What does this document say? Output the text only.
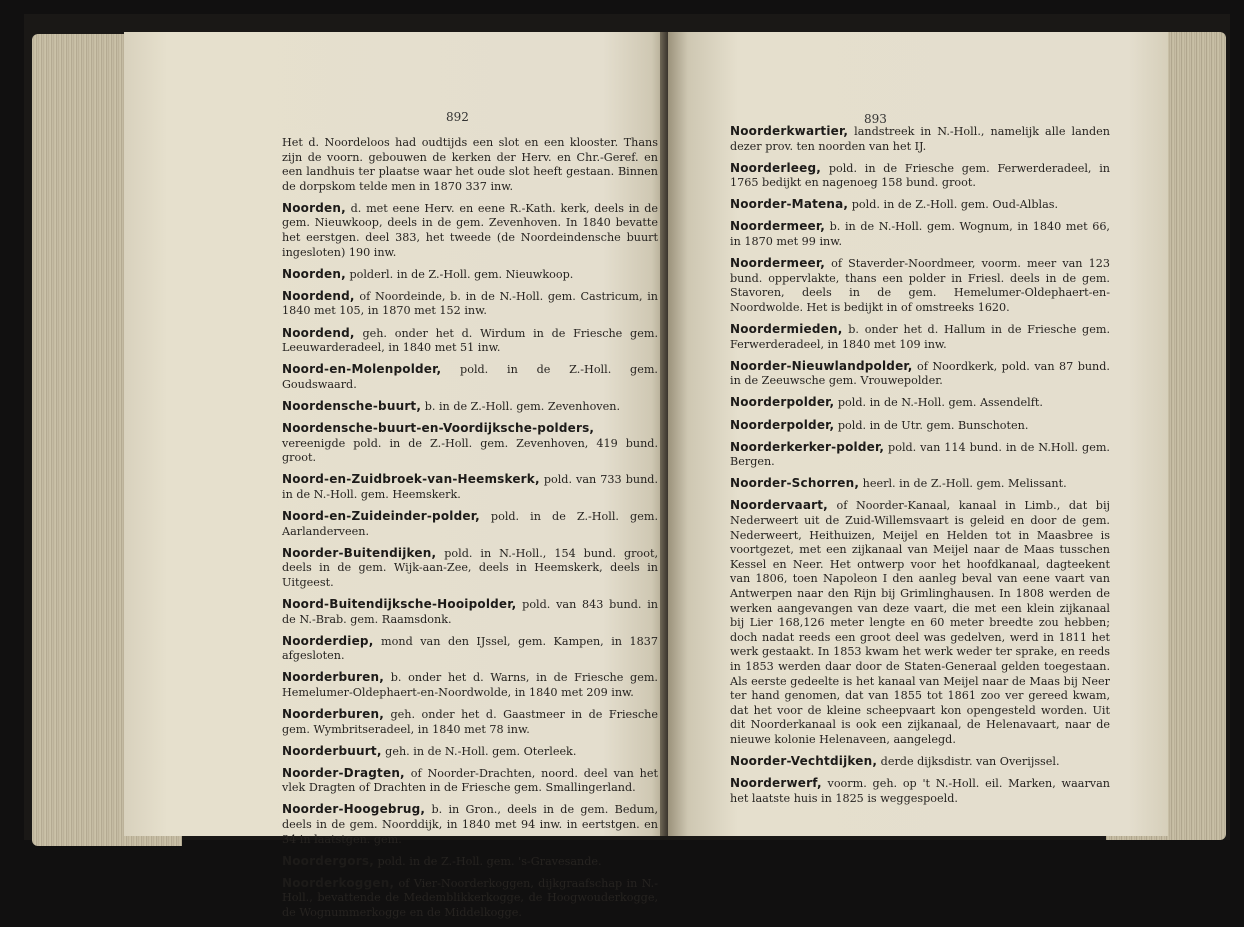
892

Het d. Noordeloos had oudtijds een slot en een klooster. Thans zijn de voorn. gebouwen de kerken der Herv. en Chr.-Geref. en een landhuis ter plaatse waar het oude slot heeft gestaan. Binnen de dorpskom telde men in 1870 337 inw.

Noorden, d. met eene Herv. en eene R.-Kath. kerk, deels in de gem. Nieuwkoop, deels in de gem. Zevenhoven. In 1840 bevatte het eerstgen. deel 383, het tweede (de Noordeindensche buurt ingesloten) 190 inw.

Noorden, polderl. in de Z.-Holl. gem. Nieuwkoop.

Noordend, of Noordeinde, b. in de N.-Holl. gem. Castricum, in 1840 met 105, in 1870 met 152 inw.

Noordend, geh. onder het d. Wirdum in de Friesche gem. Leeuwarderadeel, in 1840 met 51 inw.

Noord-en-Molenpolder, pold. in de Z.-Holl. gem. Goudswaard.

Noordensche-buurt, b. in de Z.-Holl. gem. Zevenhoven.

Noordensche-buurt-en-Voordijksche-polders, vereenigde pold. in de Z.-Holl. gem. Zevenhoven, 419 bund. groot.

Noord-en-Zuidbroek-van-Heemskerk, pold. van 733 bund. in de N.-Holl. gem. Heemskerk.

Noord-en-Zuideinder-polder, pold. in de Z.-Holl. gem. Aarlanderveen.

Noorder-Buitendijken, pold. in N.-Holl., 154 bund. groot, deels in de gem. Wijk-aan-Zee, deels in Heemskerk, deels in Uitgeest.

Noord-Buitendijksche-Hooipolder, pold. van 843 bund. in de N.-Brab. gem. Raamsdonk.

Noorderdiep, mond van den IJssel, gem. Kampen, in 1837 afgesloten.

Noorderburen, b. onder het d. Warns, in de Friesche gem. Hemelumer-Oldephaert-en-Noordwolde, in 1840 met 209 inw.

Noorderburen, geh. onder het d. Gaastmeer in de Friesche gem. Wymbritseradeel, in 1840 met 78 inw.

Noorderbuurt, geh. in de N.-Holl. gem. Oterleek.

Noorder-Dragten, of Noorder-Drachten, noord. deel van het vlek Dragten of Drachten in de Friesche gem. Smallingerland.

Noorder-Hoogebrug, b. in Gron., deels in de gem. Bedum, deels in de gem. Noorddijk, in 1840 met 94 inw. in eertstgen. en 34 in laatstgen. gem.

Noordergors, pold. in de Z.-Holl. gem. 's-Gravesande.

Noorderkoggen, of Vier-Noorderkoggen, dijkgraafschap in N.-Holl., bevattende de Medemblikkerkogge, de Hoogwouderkogge, de Wognummerkogge en de Middelkogge.

893

Noorderkwartier, landstreek in N.-Holl., namelijk alle landen dezer prov. ten noorden van het IJ.

Noorderleeg, pold. in de Friesche gem. Ferwerderadeel, in 1765 bedijkt en nagenoeg 158 bund. groot.

Noorder-Matena, pold. in de Z.-Holl. gem. Oud-Alblas.

Noordermeer, b. in de N.-Holl. gem. Wognum, in 1840 met 66, in 1870 met 99 inw.

Noordermeer, of Staverder-Noordmeer, voorm. meer van 123 bund. oppervlakte, thans een polder in Friesl. deels in de gem. Stavoren, deels in de gem. Hemelumer-Oldephaert-en-Noordwolde. Het is bedijkt in of omstreeks 1620.

Noordermieden, b. onder het d. Hallum in de Friesche gem. Ferwerderadeel, in 1840 met 109 inw.

Noorder-Nieuwlandpolder, of Noordkerk, pold. van 87 bund. in de Zeeuwsche gem. Vrouwepolder.

Noorderpolder, pold. in de N.-Holl. gem. Assendelft.

Noorderpolder, pold. in de Utr. gem. Bunschoten.

Noorderkerker-polder, pold. van 114 bund. in de N.Holl. gem. Bergen.

Noorder-Schorren, heerl. in de Z.-Holl. gem. Melissant.

Noordervaart, of Noorder-Kanaal, kanaal in Limb., dat bij Nederweert uit de Zuid-Willemsvaart is geleid en door de gem. Nederweert, Heithuizen, Meijel en Helden tot in Maasbree is voortgezet, met een zijkanaal van Meijel naar de Maas tusschen Kessel en Neer. Het ontwerp voor het hoofdkanaal, dagteekent van 1806, toen Napoleon I den aanleg beval van eene vaart van Antwerpen naar den Rijn bij Grimlinghausen. In 1808 werden de werken aangevangen van deze vaart, die met een klein zijkanaal bij Lier 168,126 meter lengte en 60 meter breedte zou hebben; doch nadat reeds een groot deel was gedelven, werd in 1811 het werk gestaakt. In 1853 kwam het werk weder ter sprake, en reeds in 1853 werden daar door de Staten-Generaal gelden toegestaan. Als eerste gedeelte is het kanaal van Meijel naar de Maas bij Neer ter hand genomen, dat van 1855 tot 1861 zoo ver gereed kwam, dat het voor de kleine scheepvaart kon opengesteld worden. Uit dit Noorderkanaal is ook een zijkanaal, de Helenavaart, naar de nieuwe kolonie Helenaveen, aangelegd.

Noorder-Vechtdijken, derde dijksdistr. van Overijssel.

Noorderwerf, voorm. geh. op 't N.-Holl. eil. Marken, waarvan het laatste huis in 1825 is weggespoeld.
